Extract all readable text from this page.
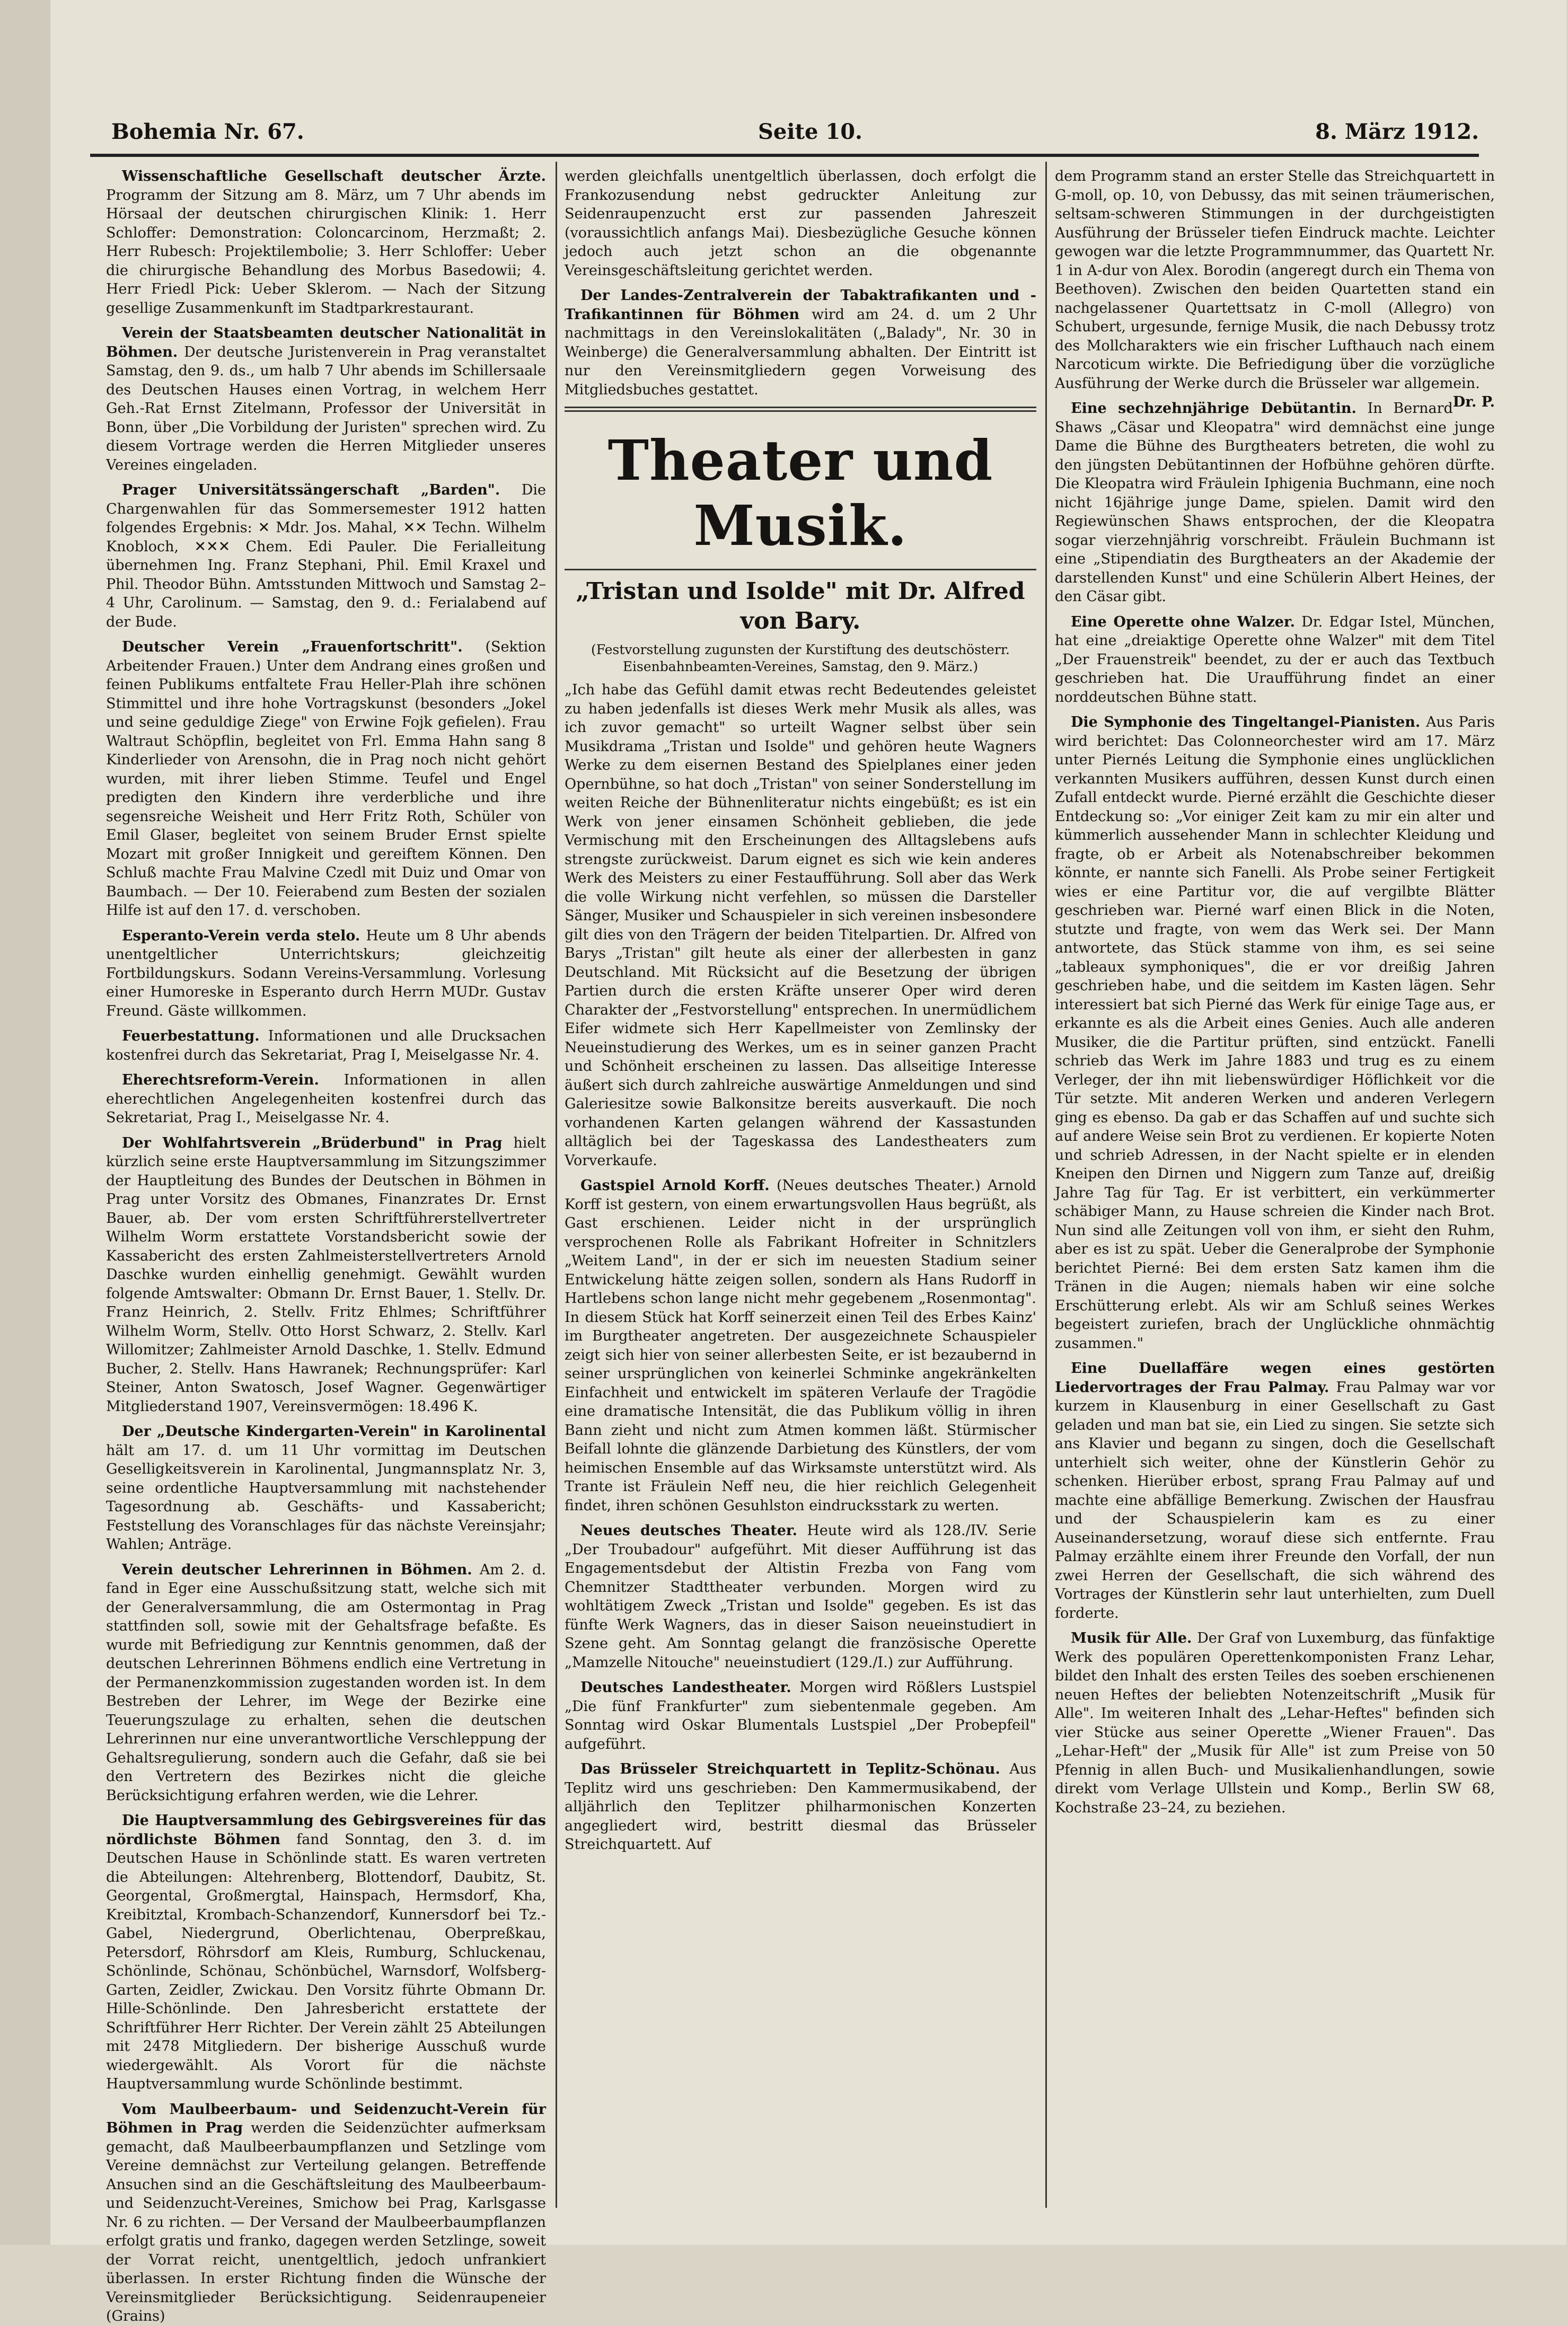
Bohemia Nr. 67.	Seite 10.	8. März 1912.

Wissenschaftliche Gesellschaft deutscher Ärzte. Programm der Sitzung am 8. März, um 7 Uhr abends im Hörsaal der deutschen chirurgischen Klinik: 1. Herr Schloffer: Demonstration: Coloncarcinom, Herzmaßt; 2. Herr Rubesch: Projektilembolie; 3. Herr Schloffer: Ueber die chirurgische Behandlung des Morbus Basedowii; 4. Herr Friedl Pick: Ueber Sklerom. — Nach der Sitzung gesellige Zusammenkunft im Stadtparkrestaurant.

Verein der Staatsbeamten deutscher Nationalität in Böhmen. Der deutsche Juristenverein in Prag veranstaltet Samstag, den 9. ds., um halb 7 Uhr abends im Schillersaale des Deutschen Hauses einen Vortrag, in welchem Herr Geh.-Rat Ernst Zitelmann, Professor der Universität in Bonn, über „Die Vorbildung der Juristen" sprechen wird. Zu diesem Vortrage werden die Herren Mitglieder unseres Vereines eingeladen.

Prager Universitätssängerschaft „Barden". Die Chargenwahlen für das Sommersemester 1912 hatten folgendes Ergebnis: ✕ Mdr. Jos. Mahal, ✕✕ Techn. Wilhelm Knobloch, ✕✕✕ Chem. Edi Pauler. Die Ferialleitung übernehmen Ing. Franz Stephani, Phil. Emil Kraxel und Phil. Theodor Bühn. Amtsstunden Mittwoch und Samstag 2–4 Uhr, Carolinum. — Samstag, den 9. d.: Ferialabend auf der Bude.

Deutscher Verein „Frauenfortschritt". (Sektion Arbeitender Frauen.) Unter dem Andrang eines großen und feinen Publikums entfaltete Frau Heller-Plah ihre schönen Stimmittel und ihre hohe Vortragskunst (besonders „Jokel und seine geduldige Ziege" von Erwine Fojk gefielen). Frau Waltraut Schöpflin, begleitet von Frl. Emma Hahn sang 8 Kinderlieder von Arensohn, die in Prag noch nicht gehört wurden, mit ihrer lieben Stimme. Teufel und Engel predigten den Kindern ihre verderbliche und ihre segensreiche Weisheit und Herr Fritz Roth, Schüler von Emil Glaser, begleitet von seinem Bruder Ernst spielte Mozart mit großer Innigkeit und gereiftem Können. Den Schluß machte Frau Malvine Czedl mit Duiz und Omar von Baumbach. — Der 10. Feierabend zum Besten der sozialen Hilfe ist auf den 17. d. verschoben.

Esperanto-Verein verda stelo. Heute um 8 Uhr abends unentgeltlicher Unterrichtskurs; gleichzeitig Fortbildungskurs. Sodann Vereins-Versammlung. Vorlesung einer Humoreske in Esperanto durch Herrn MUDr. Gustav Freund. Gäste willkommen.

Feuerbestattung. Informationen und alle Drucksachen kostenfrei durch das Sekretariat, Prag I, Meiselgasse Nr. 4.

Eherechtsreform-Verein. Informationen in allen eherechtlichen Angelegenheiten kostenfrei durch das Sekretariat, Prag I., Meiselgasse Nr. 4.

Der Wohlfahrtsverein „Brüderbund" in Prag hielt kürzlich seine erste Hauptversammlung im Sitzungszimmer der Hauptleitung des Bundes der Deutschen in Böhmen in Prag unter Vorsitz des Obmanes, Finanzrates Dr. Ernst Bauer, ab. Der vom ersten Schriftführerstellvertreter Wilhelm Worm erstattete Vorstandsbericht sowie der Kassabericht des ersten Zahlmeisterstellvertreters Arnold Daschke wurden einhellig genehmigt. Gewählt wurden folgende Amtswalter: Obmann Dr. Ernst Bauer, 1. Stellv. Dr. Franz Heinrich, 2. Stellv. Fritz Ehlmes; Schriftführer Wilhelm Worm, Stellv. Otto Horst Schwarz, 2. Stellv. Karl Willomitzer; Zahlmeister Arnold Daschke, 1. Stellv. Edmund Bucher, 2. Stellv. Hans Hawranek; Rechnungsprüfer: Karl Steiner, Anton Swatosch, Josef Wagner. Gegenwärtiger Mitgliederstand 1907, Vereinsvermögen: 18.496 K.

Der „Deutsche Kindergarten-Verein" in Karolinental hält am 17. d. um 11 Uhr vormittag im Deutschen Geselligkeitsverein in Karolinental, Jungmannsplatz Nr. 3, seine ordentliche Hauptversammlung mit nachstehender Tagesordnung ab. Geschäfts- und Kassabericht; Feststellung des Voranschlages für das nächste Vereinsjahr; Wahlen; Anträge.

Verein deutscher Lehrerinnen in Böhmen. Am 2. d. fand in Eger eine Ausschußsitzung statt, welche sich mit der Generalversammlung, die am Ostermontag in Prag stattfinden soll, sowie mit der Gehaltsfrage befaßte. Es wurde mit Befriedigung zur Kenntnis genommen, daß der deutschen Lehrerinnen Böhmens endlich eine Vertretung in der Permanenzkommission zugestanden worden ist. In dem Bestreben der Lehrer, im Wege der Bezirke eine Teuerungszulage zu erhalten, sehen die deutschen Lehrerinnen nur eine unverantwortliche Verschleppung der Gehaltsregulierung, sondern auch die Gefahr, daß sie bei den Vertretern des Bezirkes nicht die gleiche Berücksichtigung erfahren werden, wie die Lehrer.

Die Hauptversammlung des Gebirgsvereines für das nördlichste Böhmen fand Sonntag, den 3. d. im Deutschen Hause in Schönlinde statt. Es waren vertreten die Abteilungen: Altehrenberg, Blottendorf, Daubitz, St. Georgental, Großmergtal, Hainspach, Hermsdorf, Kha, Kreibitztal, Krombach-Schanzendorf, Kunnersdorf bei Tz.-Gabel, Niedergrund, Oberlichtenau, Oberpreßkau, Petersdorf, Röhrsdorf am Kleis, Rumburg, Schluckenau, Schönlinde, Schönau, Schönbüchel, Warnsdorf, Wolfsberg-Garten, Zeidler, Zwickau. Den Vorsitz führte Obmann Dr. Hille-Schönlinde. Den Jahresbericht erstattete der Schriftführer Herr Richter. Der Verein zählt 25 Abteilungen mit 2478 Mitgliedern. Der bisherige Ausschuß wurde wiedergewählt. Als Vorort für die nächste Hauptversammlung wurde Schönlinde bestimmt.

Vom Maulbeerbaum- und Seidenzucht-Verein für Böhmen in Prag werden die Seidenzüchter aufmerksam gemacht, daß Maulbeerbaumpflanzen und Setzlinge vom Vereine demnächst zur Verteilung gelangen. Betreffende Ansuchen sind an die Geschäftsleitung des Maulbeerbaum- und Seidenzucht-Vereines, Smichow bei Prag, Karlsgasse Nr. 6 zu richten. — Der Versand der Maulbeerbaumpflanzen erfolgt gratis und franko, dagegen werden Setzlinge, soweit der Vorrat reicht, unentgeltlich, jedoch unfrankiert überlassen. In erster Richtung finden die Wünsche der Vereinsmitglieder Berücksichtigung. Seidenraupeneier (Grains)

werden gleichfalls unentgeltlich überlassen, doch erfolgt die Frankozusendung nebst gedruckter Anleitung zur Seidenraupenzucht erst zur passenden Jahreszeit (voraussichtlich anfangs Mai). Diesbezügliche Gesuche können jedoch auch jetzt schon an die obgenannte Vereinsgeschäftsleitung gerichtet werden.

Der Landes-Zentralverein der Tabaktrafikanten und -Trafikantinnen für Böhmen wird am 24. d. um 2 Uhr nachmittags in den Vereinslokalitäten („Balady", Nr. 30 in Weinberge) die Generalversammlung abhalten. Der Eintritt ist nur den Vereinsmitgliedern gegen Vorweisung des Mitgliedsbuches gestattet.

Theater und Musik.
„Tristan und Isolde" mit Dr. Alfred von Bary.
(Festvorstellung zugunsten der Kurstiftung des deutschösterr. Eisenbahnbeamten-Vereines, Samstag, den 9. März.)

„Ich habe das Gefühl damit etwas recht Bedeutendes geleistet zu haben jedenfalls ist dieses Werk mehr Musik als alles, was ich zuvor gemacht" so urteilt Wagner selbst über sein Musikdrama „Tristan und Isolde" und gehören heute Wagners Werke zu dem eisernen Bestand des Spielplanes einer jeden Opernbühne, so hat doch „Tristan" von seiner Sonderstellung im weiten Reiche der Bühnenliteratur nichts eingebüßt; es ist ein Werk von jener einsamen Schönheit geblieben, die jede Vermischung mit den Erscheinungen des Alltagslebens aufs strengste zurückweist. Darum eignet es sich wie kein anderes Werk des Meisters zu einer Festaufführung. Soll aber das Werk die volle Wirkung nicht verfehlen, so müssen die Darsteller Sänger, Musiker und Schauspieler in sich vereinen insbesondere gilt dies von den Trägern der beiden Titelpartien. Dr. Alfred von Barys „Tristan" gilt heute als einer der allerbesten in ganz Deutschland. Mit Rücksicht auf die Besetzung der übrigen Partien durch die ersten Kräfte unserer Oper wird deren Charakter der „Festvorstellung" entsprechen. In unermüdlichem Eifer widmete sich Herr Kapellmeister von Zemlinsky der Neueinstudierung des Werkes, um es in seiner ganzen Pracht und Schönheit erscheinen zu lassen. Das allseitige Interesse äußert sich durch zahlreiche auswärtige Anmeldungen und sind Galeriesitze sowie Balkonsitze bereits ausverkauft. Die noch vorhandenen Karten gelangen während der Kassastunden alltäglich bei der Tageskassa des Landestheaters zum Vorverkaufe.

Gastspiel Arnold Korff. (Neues deutsches Theater.) Arnold Korff ist gestern, von einem erwartungsvollen Haus begrüßt, als Gast erschienen. Leider nicht in der ursprünglich versprochenen Rolle als Fabrikant Hofreiter in Schnitzlers „Weitem Land", in der er sich im neuesten Stadium seiner Entwickelung hätte zeigen sollen, sondern als Hans Rudorff in Hartlebens schon lange nicht mehr gegebenem „Rosenmontag". In diesem Stück hat Korff seinerzeit einen Teil des Erbes Kainz' im Burgtheater angetreten. Der ausgezeichnete Schauspieler zeigt sich hier von seiner allerbesten Seite, er ist bezaubernd in seiner ursprünglichen von keinerlei Schminke angekränkelten Einfachheit und entwickelt im späteren Verlaufe der Tragödie eine dramatische Intensität, die das Publikum völlig in ihren Bann zieht und nicht zum Atmen kommen läßt. Stürmischer Beifall lohnte die glänzende Darbietung des Künstlers, der vom heimischen Ensemble auf das Wirksamste unterstützt wird. Als Trante ist Fräulein Neff neu, die hier reichlich Gelegenheit findet, ihren schönen Gesuhlston eindrucksstark zu werten.

Neues deutsches Theater. Heute wird als 128./IV. Serie „Der Troubadour" aufgeführt. Mit dieser Aufführung ist das Engagementsdebut der Altistin Frezba von Fang vom Chemnitzer Stadttheater verbunden. Morgen wird zu wohltätigem Zweck „Tristan und Isolde" gegeben. Es ist das fünfte Werk Wagners, das in dieser Saison neueinstudiert in Szene geht. Am Sonntag gelangt die französische Operette „Mamzelle Nitouche" neueinstudiert (129./I.) zur Aufführung.

Deutsches Landestheater. Morgen wird Rößlers Lustspiel „Die fünf Frankfurter" zum siebentenmale gegeben. Am Sonntag wird Oskar Blumentals Lustspiel „Der Probepfeil" aufgeführt.

Das Brüsseler Streichquartett in Teplitz-Schönau. Aus Teplitz wird uns geschrieben: Den Kammermusikabend, der alljährlich den Teplitzer philharmonischen Konzerten angegliedert wird, bestritt diesmal das Brüsseler Streichquartett. Auf

dem Programm stand an erster Stelle das Streichquartett in G-moll, op. 10, von Debussy, das mit seinen träumerischen, seltsam-schweren Stimmungen in der durchgeistigten Ausführung der Brüsseler tiefen Eindruck machte. Leichter gewogen war die letzte Programmnummer, das Quartett Nr. 1 in A-dur von Alex. Borodin (angeregt durch ein Thema von Beethoven). Zwischen den beiden Quartetten stand ein nachgelassener Quartettsatz in C-moll (Allegro) von Schubert, urgesunde, fernige Musik, die nach Debussy trotz des Mollcharakters wie ein frischer Lufthauch nach einem Narcoticum wirkte. Die Befriedigung über die vorzügliche Ausführung der Werke durch die Brüsseler war allgemein.
Dr. P.

Eine sechzehnjährige Debütantin. In Bernard Shaws „Cäsar und Kleopatra" wird demnächst eine junge Dame die Bühne des Burgtheaters betreten, die wohl zu den jüngsten Debütantinnen der Hofbühne gehören dürfte. Die Kleopatra wird Fräulein Iphigenia Buchmann, eine noch nicht 16jährige junge Dame, spielen. Damit wird den Regiewünschen Shaws entsprochen, der die Kleopatra sogar vierzehnjährig vorschreibt. Fräulein Buchmann ist eine „Stipendiatin des Burgtheaters an der Akademie der darstellenden Kunst" und eine Schülerin Albert Heines, der den Cäsar gibt.

Eine Operette ohne Walzer. Dr. Edgar Istel, München, hat eine „dreiaktige Operette ohne Walzer" mit dem Titel „Der Frauenstreik" beendet, zu der er auch das Textbuch geschrieben hat. Die Uraufführung findet an einer norddeutschen Bühne statt.

Die Symphonie des Tingeltangel-Pianisten. Aus Paris wird berichtet: Das Colonneorchester wird am 17. März unter Piernés Leitung die Symphonie eines unglücklichen verkannten Musikers aufführen, dessen Kunst durch einen Zufall entdeckt wurde. Pierné erzählt die Geschichte dieser Entdeckung so: „Vor einiger Zeit kam zu mir ein alter und kümmerlich aussehender Mann in schlechter Kleidung und fragte, ob er Arbeit als Notenabschreiber bekommen könnte, er nannte sich Fanelli. Als Probe seiner Fertigkeit wies er eine Partitur vor, die auf vergilbte Blätter geschrieben war. Pierné warf einen Blick in die Noten, stutzte und fragte, von wem das Werk sei. Der Mann antwortete, das Stück stamme von ihm, es sei seine „tableaux symphoniques", die er vor dreißig Jahren geschrieben habe, und die seitdem im Kasten lägen. Sehr interessiert bat sich Pierné das Werk für einige Tage aus, er erkannte es als die Arbeit eines Genies. Auch alle anderen Musiker, die die Partitur prüften, sind entzückt. Fanelli schrieb das Werk im Jahre 1883 und trug es zu einem Verleger, der ihn mit liebenswürdiger Höflichkeit vor die Tür setzte. Mit anderen Werken und anderen Verlegern ging es ebenso. Da gab er das Schaffen auf und suchte sich auf andere Weise sein Brot zu verdienen. Er kopierte Noten und schrieb Adressen, in der Nacht spielte er in elenden Kneipen den Dirnen und Niggern zum Tanze auf, dreißig Jahre Tag für Tag. Er ist verbittert, ein verkümmerter schäbiger Mann, zu Hause schreien die Kinder nach Brot. Nun sind alle Zeitungen voll von ihm, er sieht den Ruhm, aber es ist zu spät. Ueber die Generalprobe der Symphonie berichtet Pierné: Bei dem ersten Satz kamen ihm die Tränen in die Augen; niemals haben wir eine solche Erschütterung erlebt. Als wir am Schluß seines Werkes begeistert zuriefen, brach der Unglückliche ohnmächtig zusammen."

Eine Duellaffäre wegen eines gestörten Liedervortrages der Frau Palmay. Frau Palmay war vor kurzem in Klausenburg in einer Gesellschaft zu Gast geladen und man bat sie, ein Lied zu singen. Sie setzte sich ans Klavier und begann zu singen, doch die Gesellschaft unterhielt sich weiter, ohne der Künstlerin Gehör zu schenken. Hierüber erbost, sprang Frau Palmay auf und machte eine abfällige Bemerkung. Zwischen der Hausfrau und der Schauspielerin kam es zu einer Auseinandersetzung, worauf diese sich entfernte. Frau Palmay erzählte einem ihrer Freunde den Vorfall, der nun zwei Herren der Gesellschaft, die sich während des Vortrages der Künstlerin sehr laut unterhielten, zum Duell forderte.

Musik für Alle. Der Graf von Luxemburg, das fünfaktige Werk des populären Operettenkomponisten Franz Lehar, bildet den Inhalt des ersten Teiles des soeben erschienenen neuen Heftes der beliebten Notenzeitschrift „Musik für Alle". Im weiteren Inhalt des „Lehar-Heftes" befinden sich vier Stücke aus seiner Operette „Wiener Frauen". Das „Lehar-Heft" der „Musik für Alle" ist zum Preise von 50 Pfennig in allen Buch- und Musikalienhandlungen, sowie direkt vom Verlage Ullstein und Komp., Berlin SW 68, Kochstraße 23–24, zu beziehen.
